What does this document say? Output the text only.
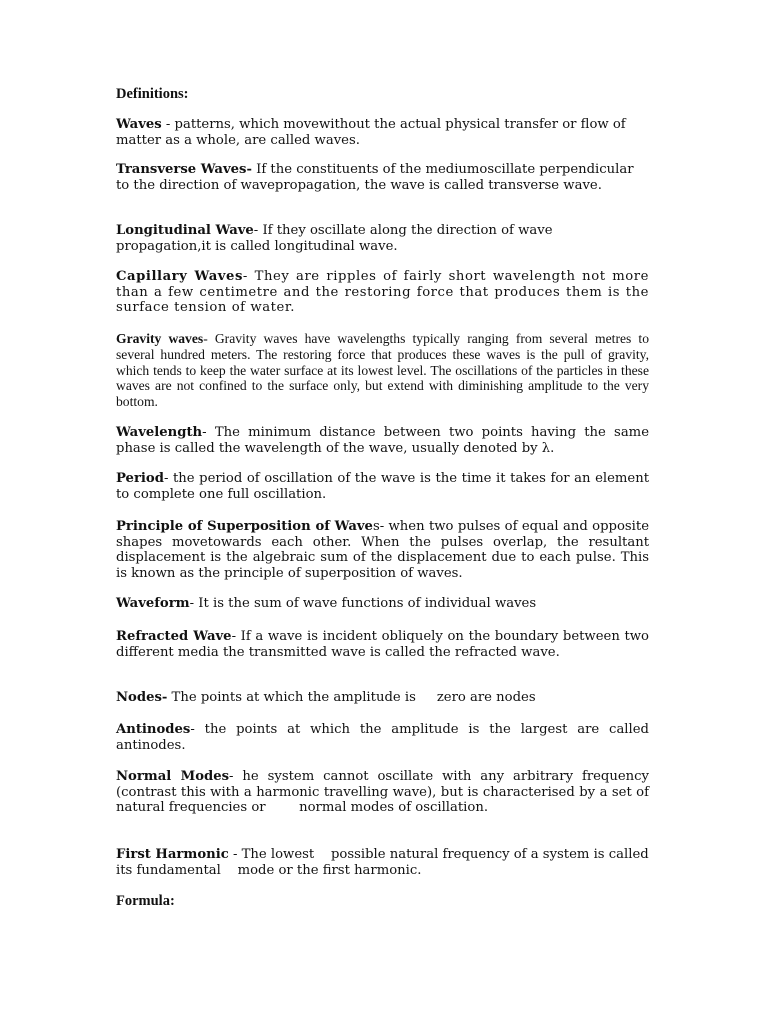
Definitions:

Waves - patterns, which movewithout the actual physical transfer or flow of matter as a whole, are called waves.

Transverse Waves- If the constituents of the mediumoscillate perpendicular to the direction of wavepropagation, the wave is called transverse wave.

Longitudinal Wave- If they oscillate along the direction of wave propagation,it is called longitudinal wave.

Capillary Waves- They are ripples of fairly short wavelength not more than a few centimetre and the restoring force that produces them is the surface tension of water.

Gravity waves- Gravity waves have wavelengths typically ranging from several metres to several hundred meters. The restoring force that produces these waves is the pull of gravity, which tends to keep the water surface at its lowest level. The oscillations of the particles in these waves are not confined to the surface only, but extend with diminishing amplitude to the very bottom.

Wavelength- The minimum distance between two points having the same phase is called the wavelength of the wave, usually denoted by λ.

Period- the period of oscillation of the wave is the time it takes for an element to complete one full oscillation.

Principle of Superposition of Waves- when two pulses of equal and opposite shapes movetowards each other. When the pulses overlap, the resultant displacement is the algebraic sum of the displacement due to each pulse. This is known as the principle of superposition of waves.

Waveform- It is the sum of wave functions of individual waves

Refracted Wave- If a wave is incident obliquely on the boundary between two different media the transmitted wave is called the refracted wave.

Nodes- The points at which the amplitude is     zero are nodes

Antinodes- the points at which the amplitude is the largest are called antinodes.

Normal Modes- he system cannot oscillate with any arbitrary frequency (contrast this with a harmonic travelling wave), but is characterised by a set of natural frequencies or        normal modes of oscillation.

First Harmonic - The lowest    possible natural frequency of a system is called its fundamental    mode or the first harmonic.

Formula:
